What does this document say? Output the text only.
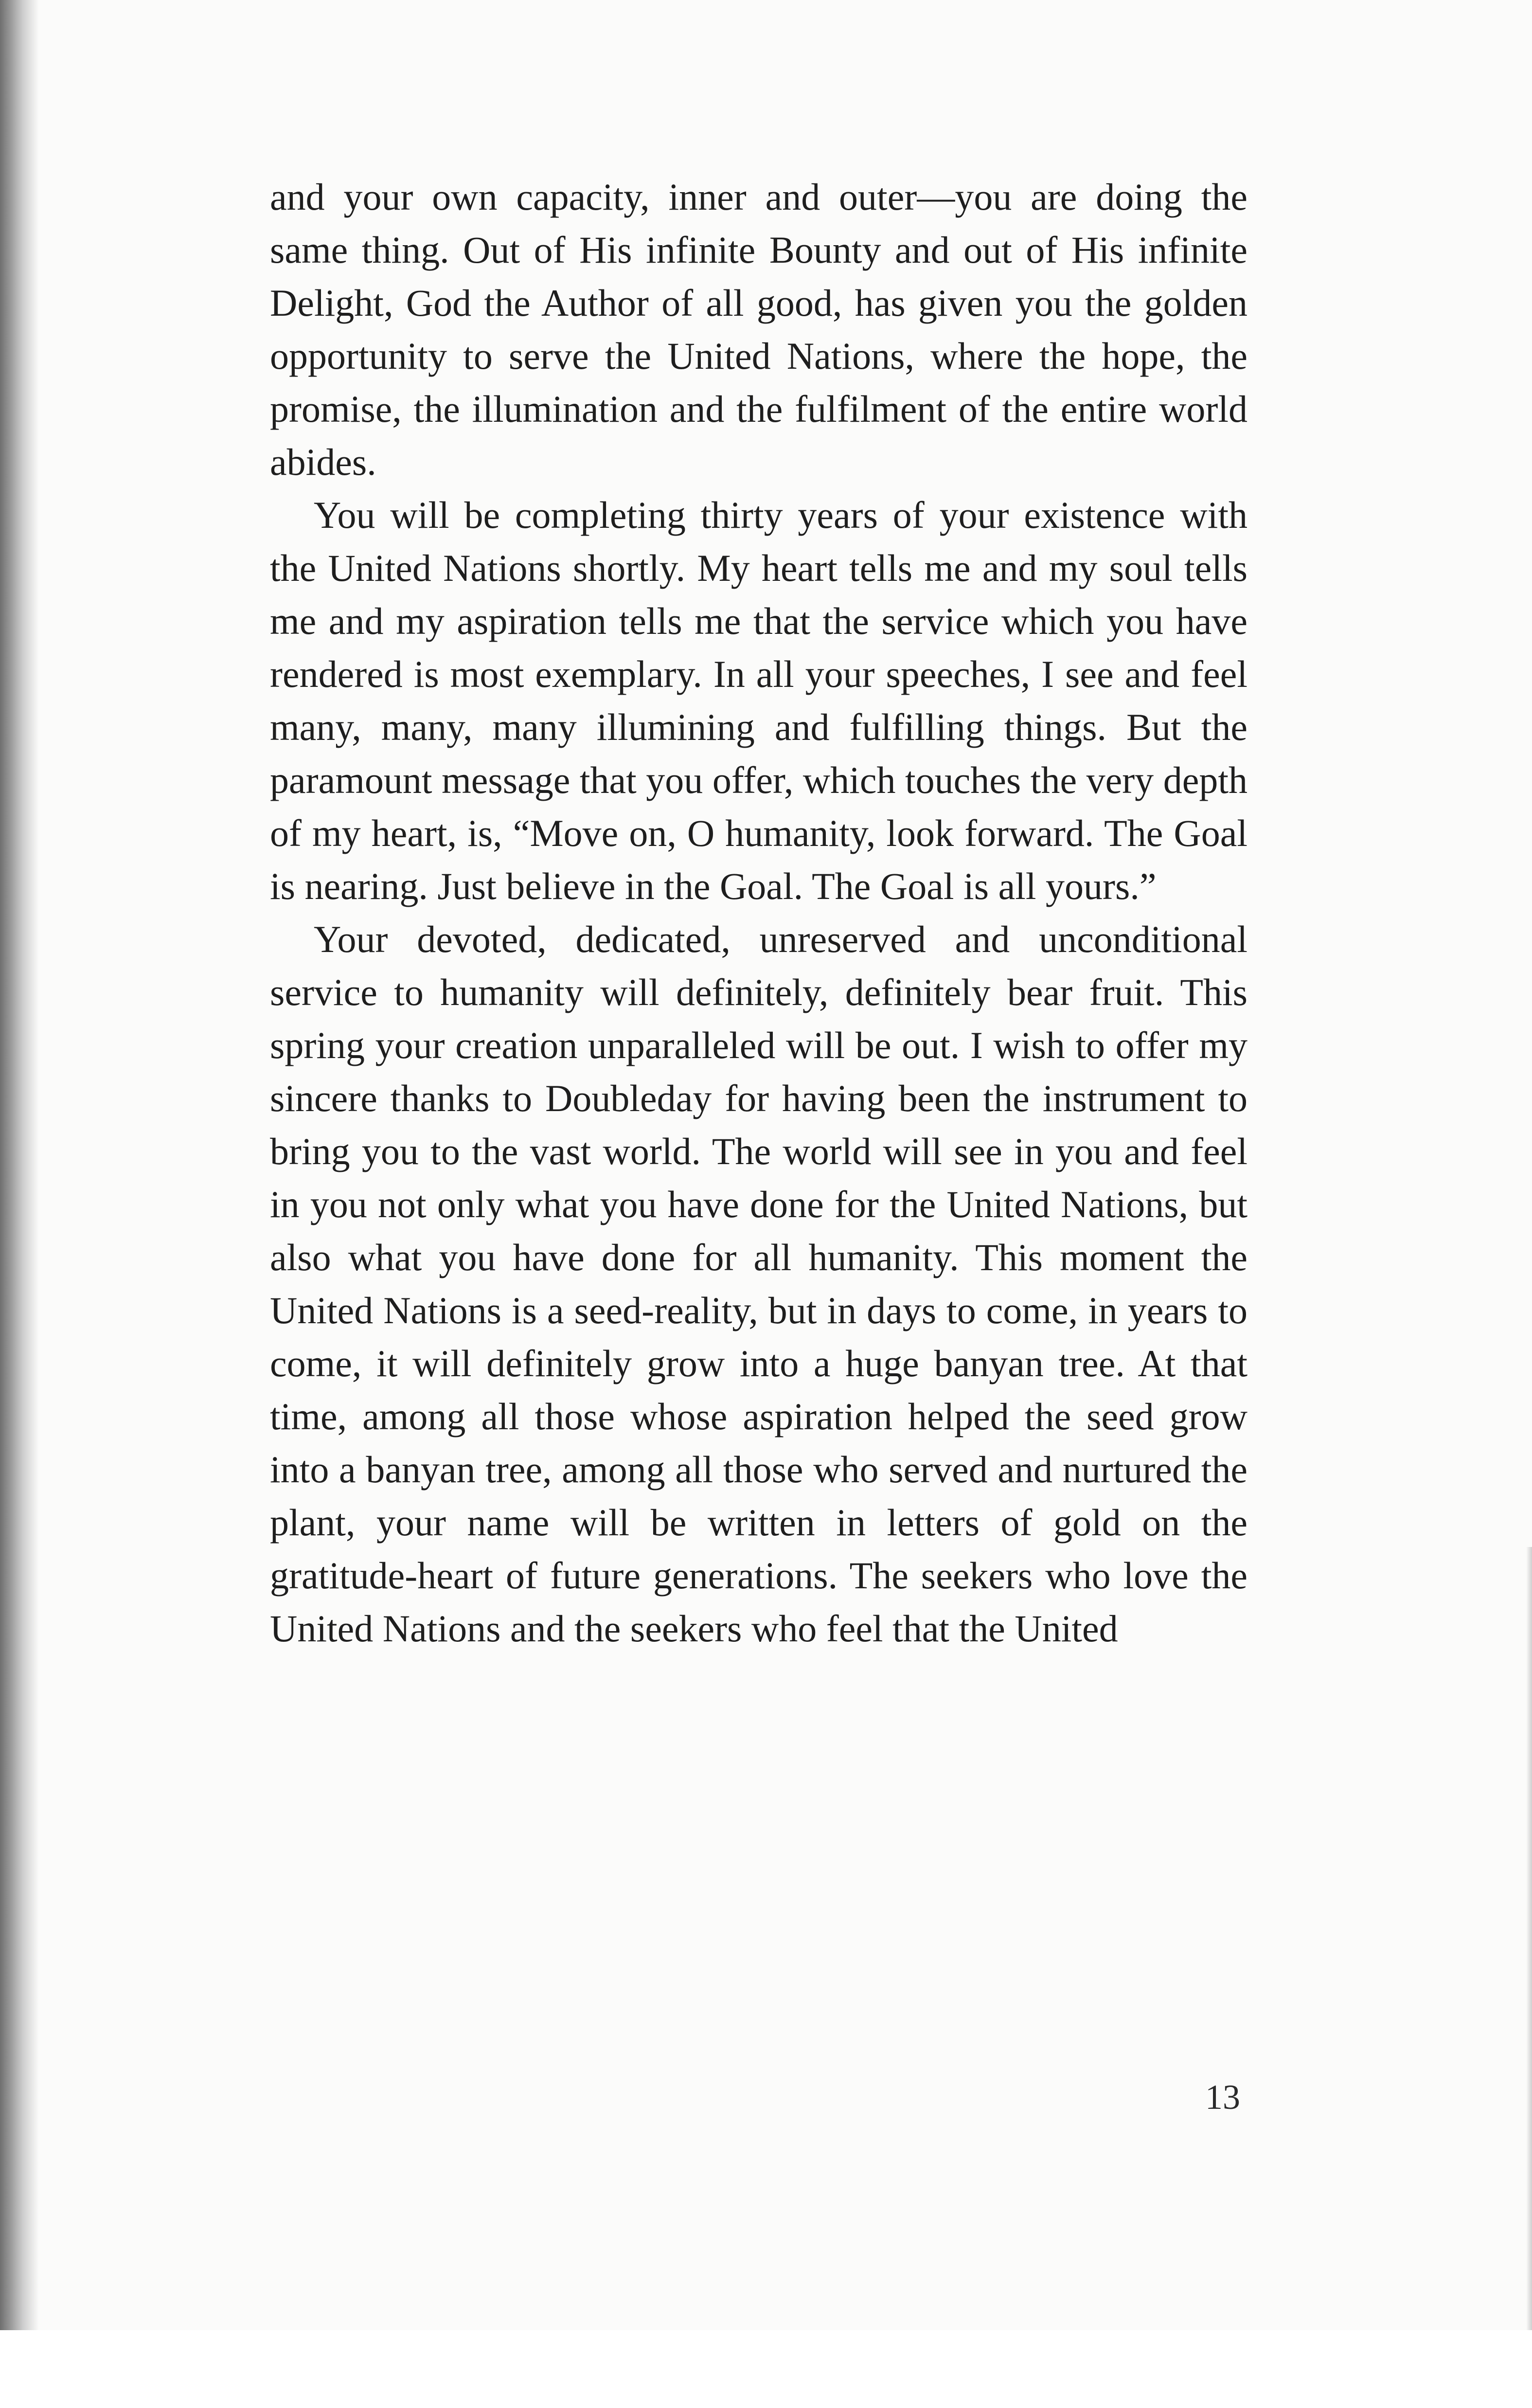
and your own capacity, inner and outer—you are doing the same thing. Out of His infinite Bounty and out of His infinite Delight, God the Author of all good, has given you the golden opportunity to serve the United Nations, where the hope, the promise, the illumination and the fulfilment of the entire world abides.

You will be completing thirty years of your existence with the United Nations shortly. My heart tells me and my soul tells me and my aspiration tells me that the service which you have rendered is most exemplary. In all your speeches, I see and feel many, many, many illumining and fulfilling things. But the paramount message that you offer, which touches the very depth of my heart, is, “Move on, O humanity, look forward. The Goal is nearing. Just believe in the Goal. The Goal is all yours.”

Your devoted, dedicated, unreserved and unconditional service to humanity will definitely, definitely bear fruit. This spring your creation unparalleled will be out. I wish to offer my sincere thanks to Doubleday for having been the instrument to bring you to the vast world. The world will see in you and feel in you not only what you have done for the United Nations, but also what you have done for all humanity. This moment the United Nations is a seed-reality, but in days to come, in years to come, it will definitely grow into a huge banyan tree. At that time, among all those whose aspiration helped the seed grow into a banyan tree, among all those who served and nurtured the plant, your name will be written in letters of gold on the gratitude-heart of future generations. The seekers who love the United Nations and the seekers who feel that the United

13
